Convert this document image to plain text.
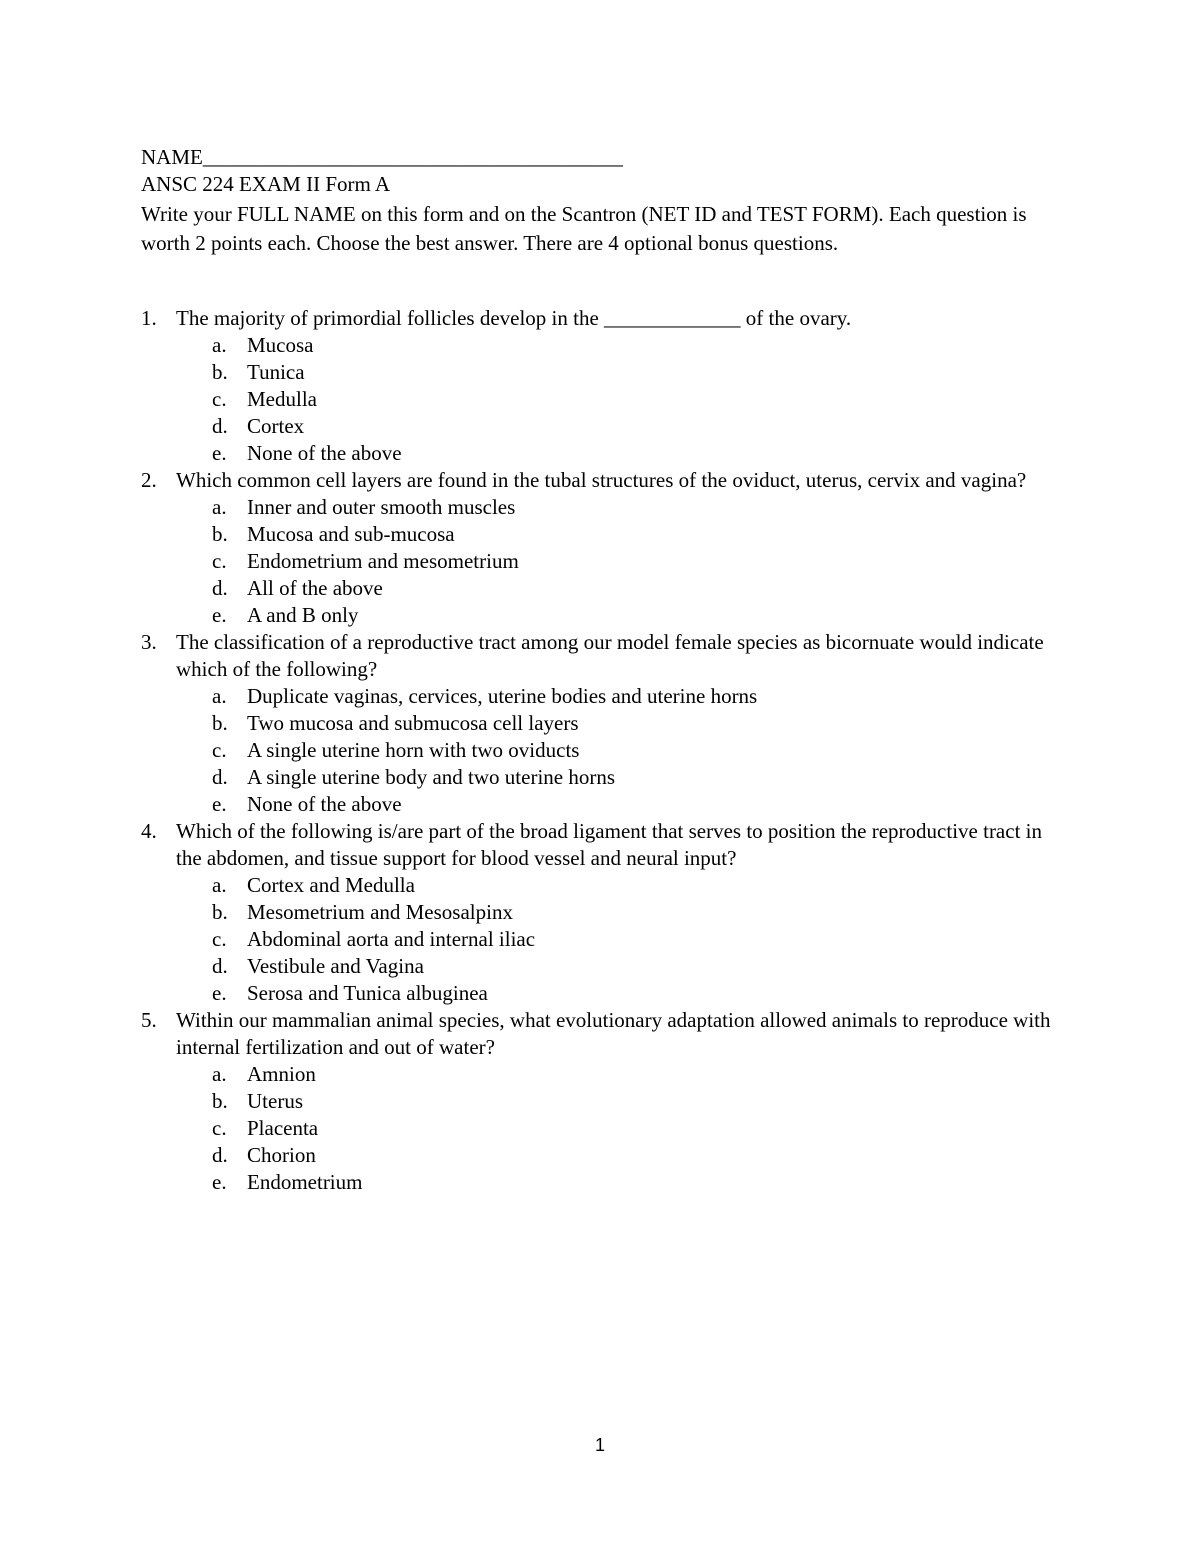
NAME________________________________________

ANSC 224 EXAM II Form A

Write your FULL NAME on this form and on the Scantron (NET ID and TEST FORM). Each question is worth 2 points each. Choose the best answer. There are 4 optional bonus questions.

1. The majority of primordial follicles develop in the _____________ of the ovary.
a. Mucosa
b. Tunica
c. Medulla
d. Cortex
e. None of the above
2. Which common cell layers are found in the tubal structures of the oviduct, uterus, cervix and vagina?
a. Inner and outer smooth muscles
b. Mucosa and sub-mucosa
c. Endometrium and mesometrium
d. All of the above
e. A and B only
3. The classification of a reproductive tract among our model female species as bicornuate would indicate which of the following?
a. Duplicate vaginas, cervices, uterine bodies and uterine horns
b. Two mucosa and submucosa cell layers
c. A single uterine horn with two oviducts
d. A single uterine body and two uterine horns
e. None of the above
4. Which of the following is/are part of the broad ligament that serves to position the reproductive tract in the abdomen, and tissue support for blood vessel and neural input?
a. Cortex and Medulla
b. Mesometrium and Mesosalpinx
c. Abdominal aorta and internal iliac
d. Vestibule and Vagina
e. Serosa and Tunica albuginea
5. Within our mammalian animal species, what evolutionary adaptation allowed animals to reproduce with internal fertilization and out of water?
a. Amnion
b. Uterus
c. Placenta
d. Chorion
e. Endometrium
1
